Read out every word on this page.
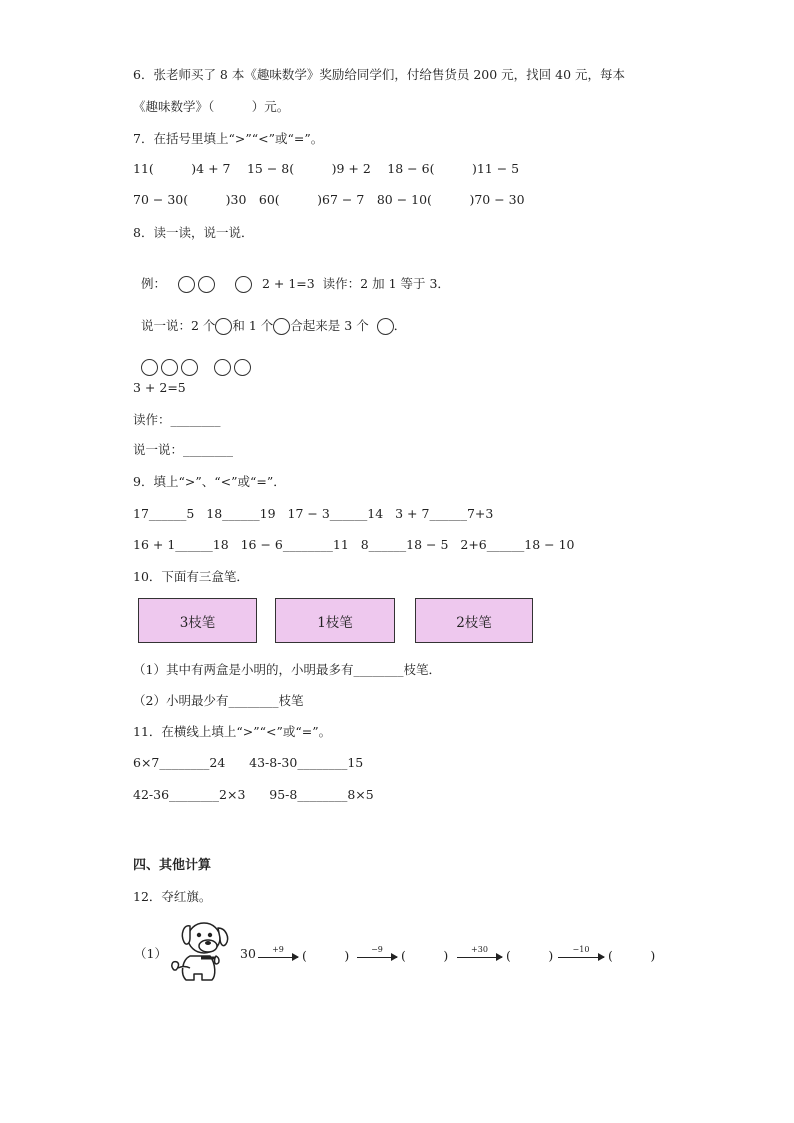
6．张老师买了 8 本《趣味数学》奖励给同学们，付给售货员 200 元，找回 40 元，每本
《趣味数学》（　　　）元。
7．在括号里填上“>”“<”或“=”。
11(　　　)4 + 7　 15 − 8(　　　)9 + 2　 18 − 6(　　　)11 − 5
70 − 30(　　　)30　60(　　　)67 − 7　80 − 10(　　　)70 − 30
8．读一读，说一说．

例：	2 + 1=3  读作：2 加 1 等于 3．

说一说：2 个 和 1 个 合起来是 3 个 ．

3 + 2=5
读作：________
说一说：________
9．填上“>”、“<”或“=”．
17______5   18______19   17 − 3______14   3 + 7______7+3
16 + 1______18   16 − 6________11   8______18 − 5   2+6______18 − 10
10．下面有三盒笔．
3枝笔	1枝笔	2枝笔
（1）其中有两盒是小明的，小明最多有________枝笔．
（2）小明最少有________枝笔
11．在横线上填上“>”“<”或“=”。
6×7________24      43-8-30________15
42-36________2×3      95-8________8×5
四、其他计算
12．夺红旗。
（1）	30	+9	(　　　)	−9	(　　　)	+30	(　　　)	−10	(　　　)
